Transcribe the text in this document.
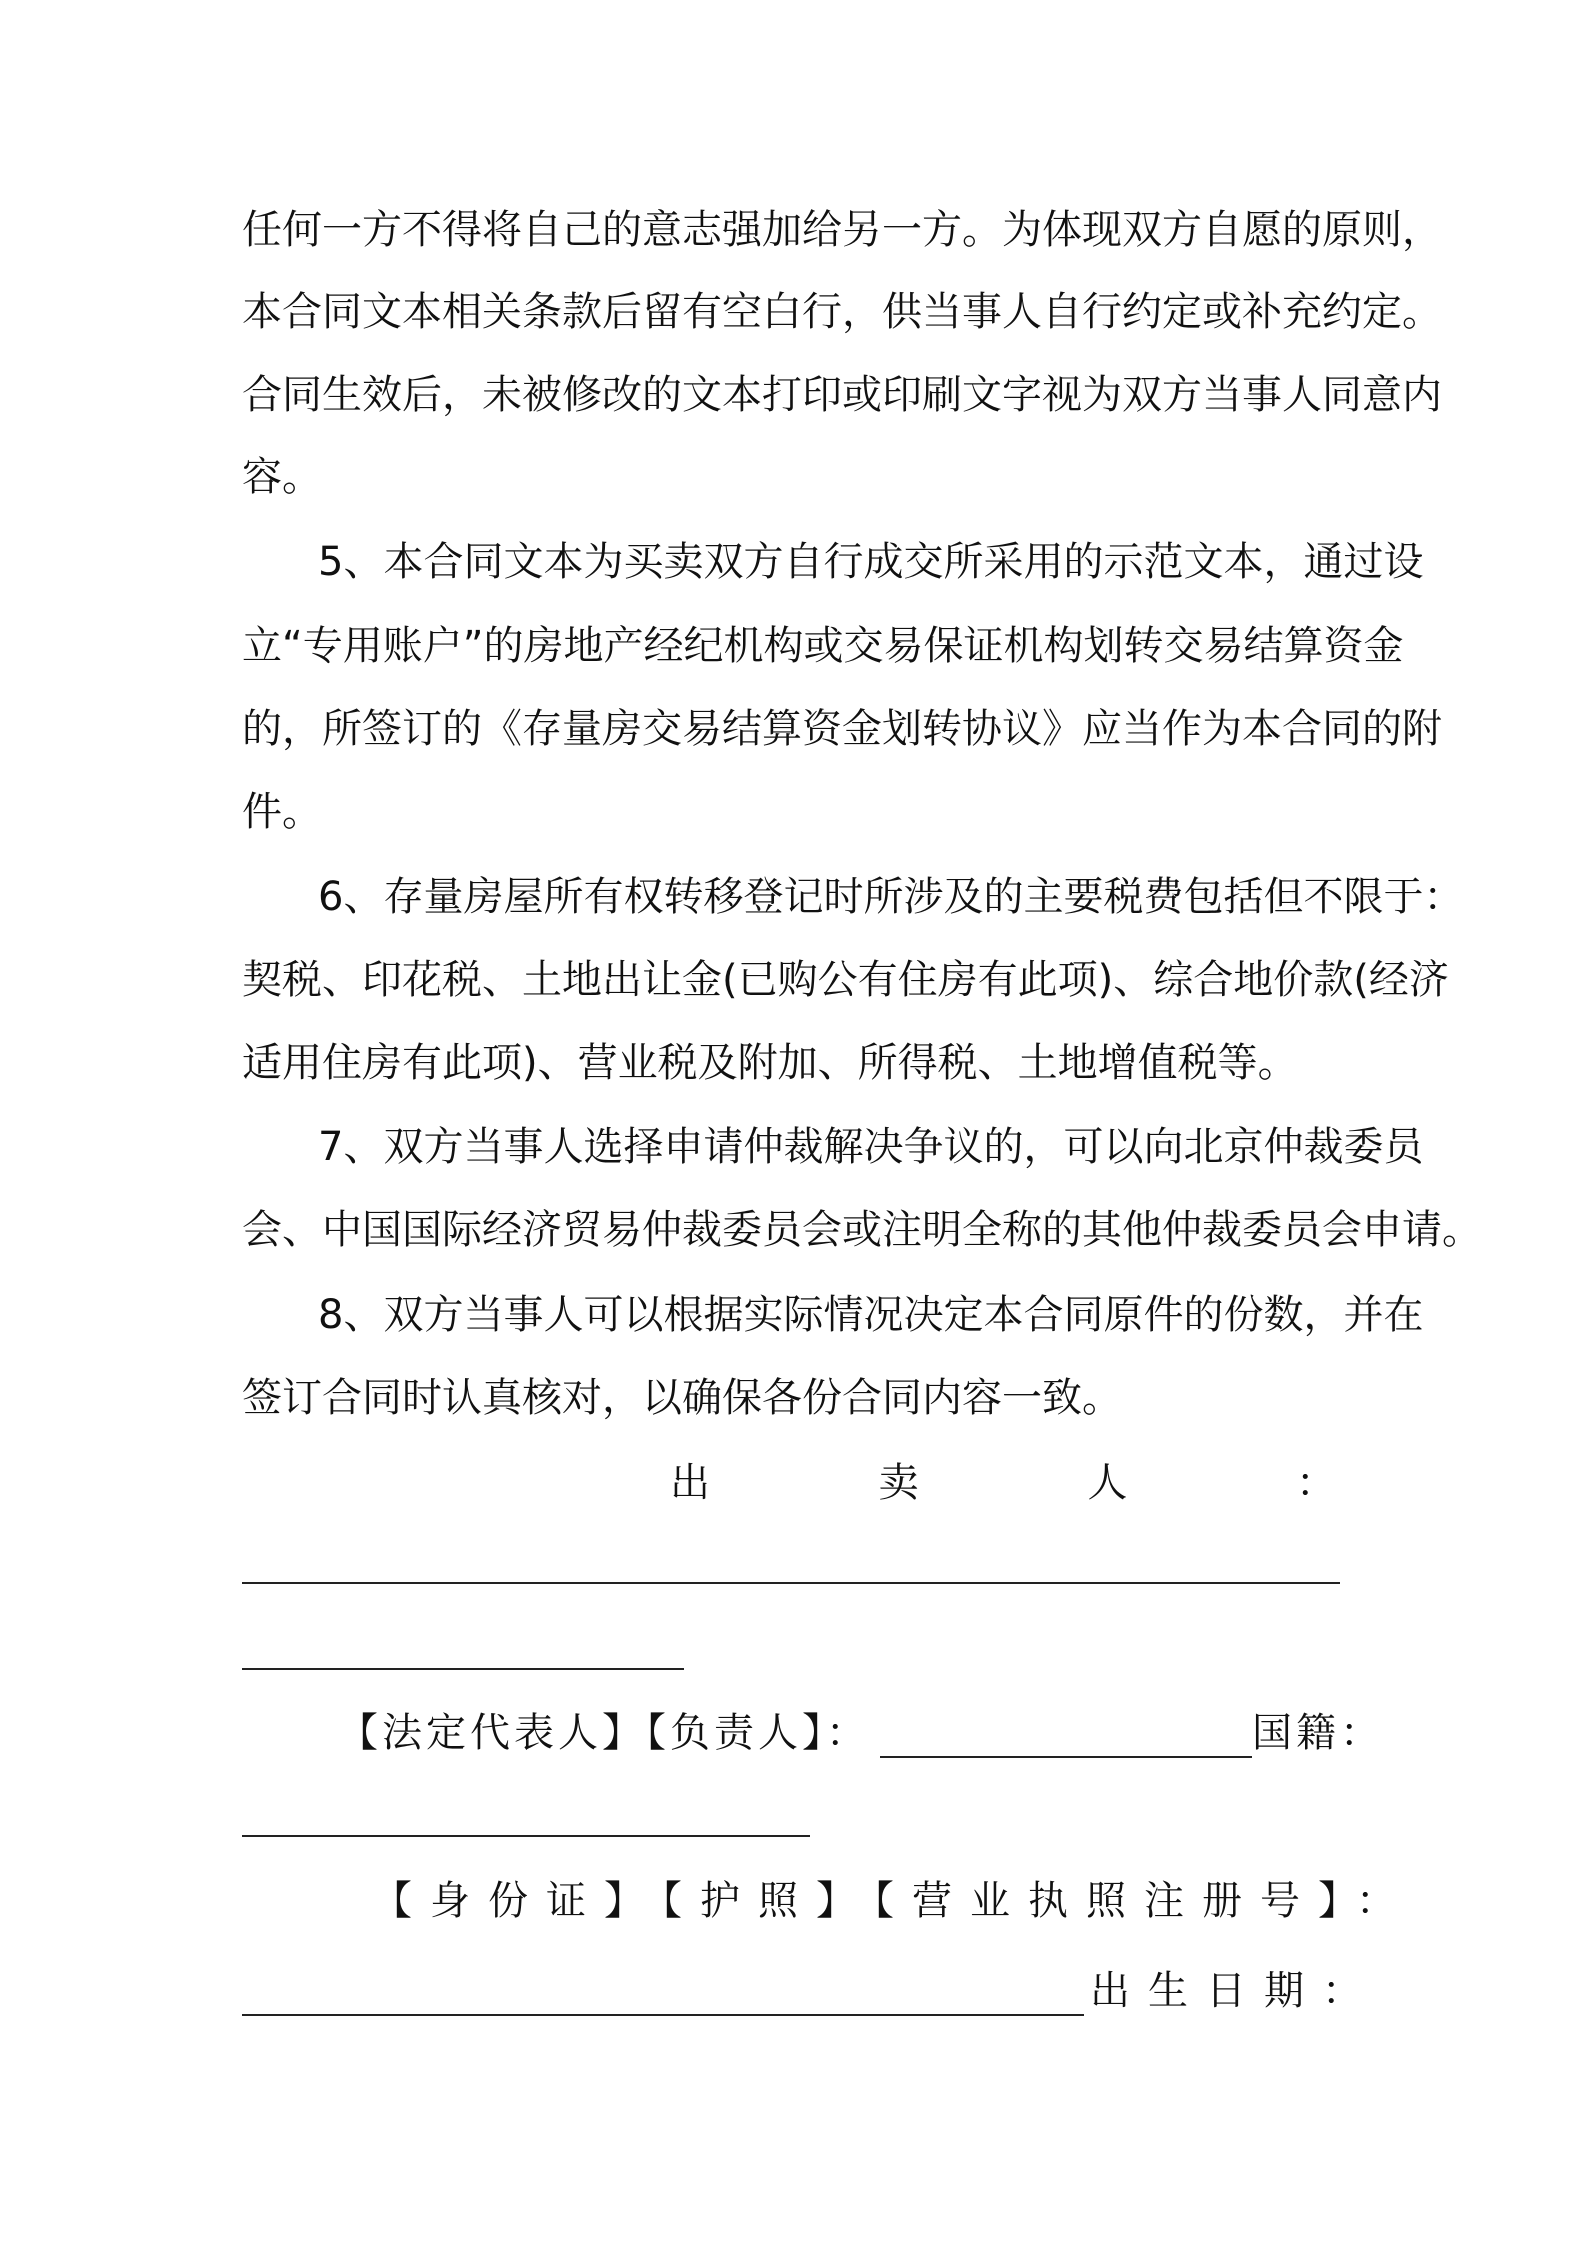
任何一方不得将自己的意志强加给另一方。为体现双方自愿的原则，
本合同文本相关条款后留有空白行，供当事人自行约定或补充约定。
合同生效后，未被修改的文本打印或印刷文字视为双方当事人同意内
容。
5、本合同文本为买卖双方自行成交所采用的示范文本，通过设
立“专用账户”的房地产经纪机构或交易保证机构划转交易结算资金
的，所签订的《存量房交易结算资金划转协议》应当作为本合同的附
件。
6、存量房屋所有权转移登记时所涉及的主要税费包括但不限于：
契税、印花税、土地出让金(已购公有住房有此项)、综合地价款(经济
适用住房有此项)、营业税及附加、所得税、土地增值税等。
7、双方当事人选择申请仲裁解决争议的，可以向北京仲裁委员
会、中国国际经济贸易仲裁委员会或注明全称的其他仲裁委员会申请。
8、双方当事人可以根据实际情况决定本合同原件的份数，并在
签订合同时认真核对，以确保各份合同内容一致。
出	卖	人	：
【法定代表人】【负责人】：	国籍：
【身份证】【护照】【营业执照注册号】：
出生日期：
